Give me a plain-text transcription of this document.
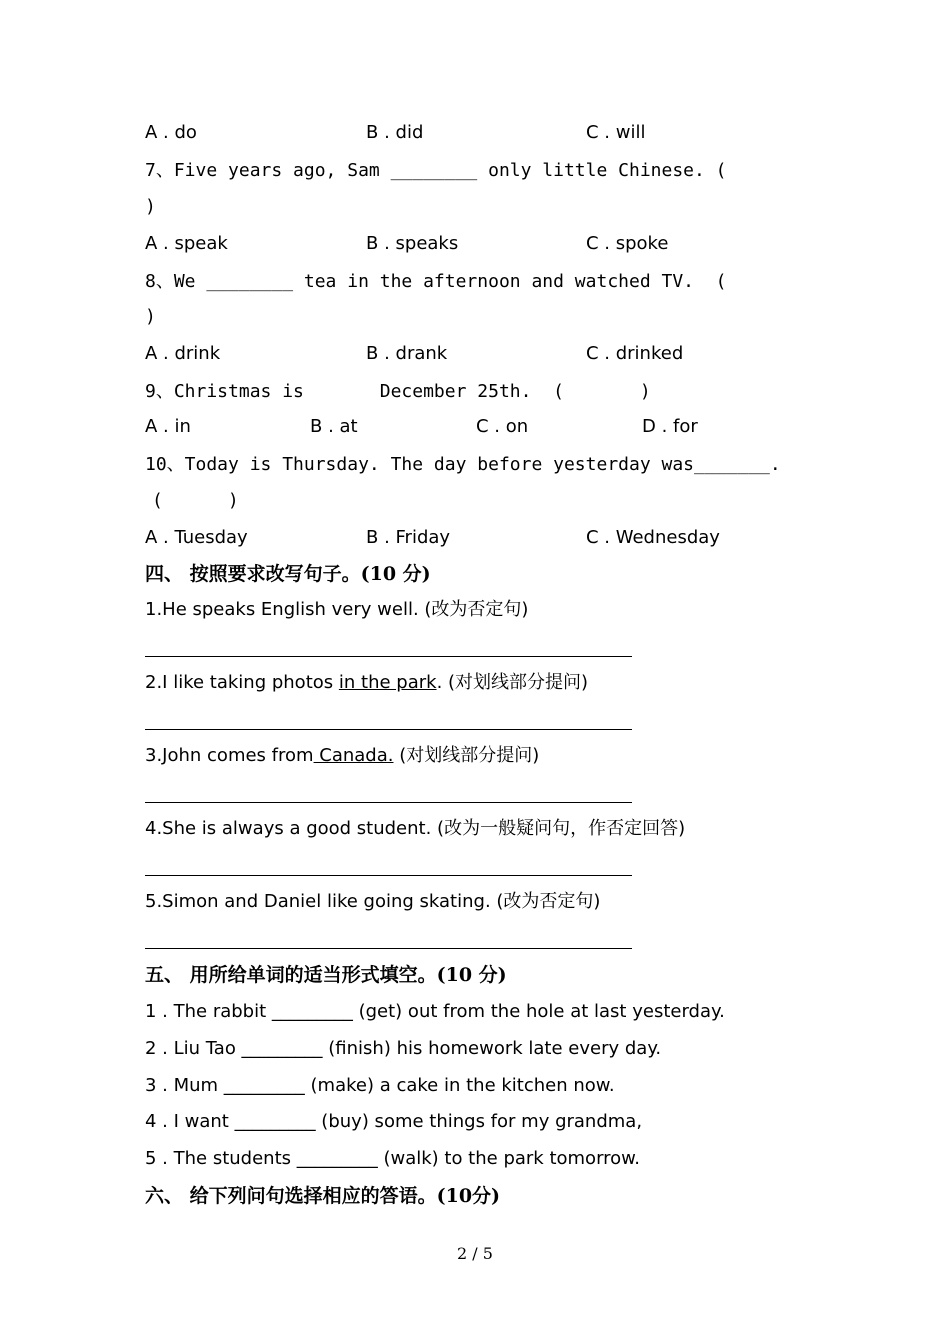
A . do	B . did	C . will
7、Five years ago, Sam ________ only little Chinese. (
)
A . speak	B . speaks	C . spoke
8、We ________ tea in the afternoon and watched TV.  (
)
A . drink	B . drank	C . drinked
9、Christmas is       December 25th.  (       )
A . in	B . at	C . on	D . for
10、Today is Thursday. The day before yesterday was_______.
(      )
A . Tuesday	B . Friday	C . Wednesday
四、 按照要求改写句子。(10 分)
1.He speaks English very well. (改为否定句)
2.I like taking photos in the park. (对划线部分提问)
3.John comes from Canada. (对划线部分提问)
4.She is always a good student. (改为一般疑问句，作否定回答)
5.Simon and Daniel like going skating. (改为否定句)
五、 用所给单词的适当形式填空。(10 分)
1 . The rabbit _________ (get) out from the hole at last yesterday.
2 . Liu Tao _________ (finish) his homework late every day.
3 . Mum _________ (make) a cake in the kitchen now.
4 . I want _________ (buy) some things for my grandma,
5 . The students _________ (walk) to the park tomorrow.
六、 给下列问句选择相应的答语。(10分)
2 / 5
